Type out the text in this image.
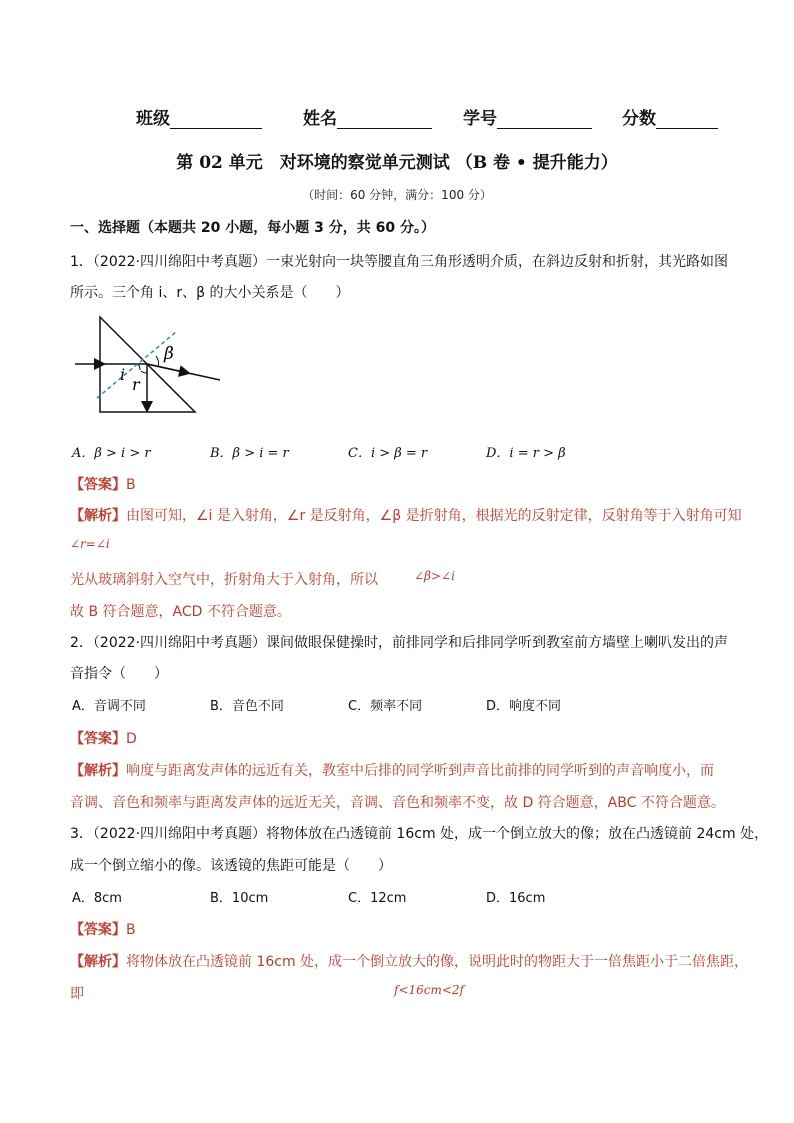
班级	姓名	学号	分数
第 02 单元　对环境的察觉单元测试 （B 卷 • 提升能力）
（时间：60 分钟，满分：100 分）
一、选择题（本题共 20 小题，每小题 3 分，共 60 分。）
1．（2022·四川绵阳中考真题）一束光射向一块等腰直角三角形透明介质，在斜边反射和折射，其光路如图
所示。三个角 i、r、β 的大小关系是（　　）
β
i
r
A．β > i > r	B．β > i = r	C．i > β = r	D．i = r > β
【答案】B
【解析】由图可知，∠i 是入射角，∠r 是反射角，∠β 是折射角，根据光的反射定律，反射角等于入射角可知
∠r=∠i
光从玻璃斜射入空气中，折射角大于入射角，所以	∠β>∠i
故 B 符合题意，ACD 不符合题意。
2．（2022·四川绵阳中考真题）课间做眼保健操时，前排同学和后排同学听到教室前方墙壁上喇叭发出的声
音指令（　　）
A．音调不同	B．音色不同	C．频率不同	D．响度不同
【答案】D
【解析】响度与距离发声体的远近有关，教室中后排的同学听到声音比前排的同学听到的声音响度小，而
音调、音色和频率与距离发声体的远近无关，音调、音色和频率不变，故 D 符合题意，ABC 不符合题意。
3．（2022·四川绵阳中考真题）将物体放在凸透镜前 16cm 处，成一个倒立放大的像；放在凸透镜前 24cm 处，
成一个倒立缩小的像。该透镜的焦距可能是（　　）
A．8cm	B．10cm	C．12cm	D．16cm
【答案】B
【解析】将物体放在凸透镜前 16cm 处，成一个倒立放大的像，说明此时的物距大于一倍焦距小于二倍焦距，
即	f<16cm<2f
